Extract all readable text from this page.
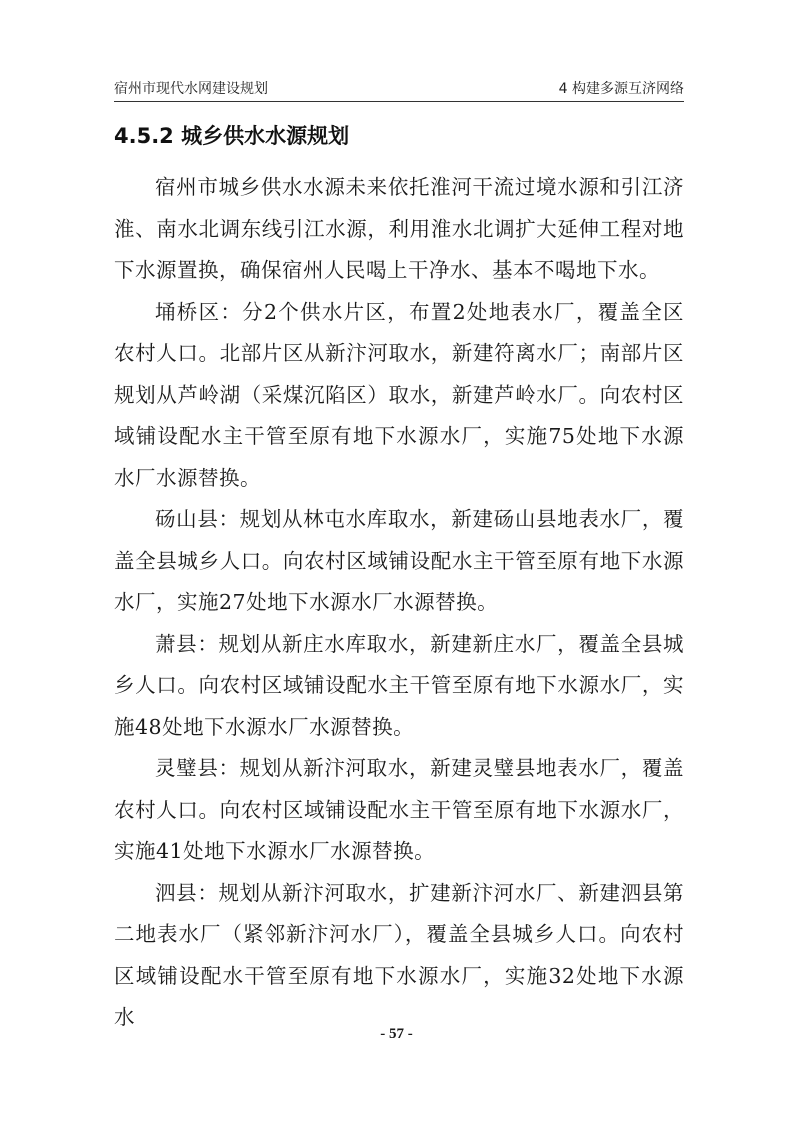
宿州市现代水网建设规划	4 构建多源互济网络
4.5.2 城乡供水水源规划

宿州市城乡供水水源未来依托淮河干流过境水源和引江济淮、南水北调东线引江水源，利用淮水北调扩大延伸工程对地下水源置换，确保宿州人民喝上干净水、基本不喝地下水。

埇桥区：分2个供水片区，布置2处地表水厂，覆盖全区农村人口。北部片区从新汴河取水，新建符离水厂；南部片区规划从芦岭湖（采煤沉陷区）取水，新建芦岭水厂。向农村区域铺设配水主干管至原有地下水源水厂，实施75处地下水源水厂水源替换。

砀山县：规划从林屯水库取水，新建砀山县地表水厂，覆盖全县城乡人口。向农村区域铺设配水主干管至原有地下水源水厂，实施27处地下水源水厂水源替换。

萧县：规划从新庄水库取水，新建新庄水厂，覆盖全县城乡人口。向农村区域铺设配水主干管至原有地下水源水厂，实施48处地下水源水厂水源替换。

灵璧县：规划从新汴河取水，新建灵璧县地表水厂，覆盖农村人口。向农村区域铺设配水主干管至原有地下水源水厂，实施41处地下水源水厂水源替换。

泗县：规划从新汴河取水，扩建新汴河水厂、新建泗县第二地表水厂（紧邻新汴河水厂），覆盖全县城乡人口。向农村区域铺设配水干管至原有地下水源水厂，实施32处地下水源水

- 57 -
